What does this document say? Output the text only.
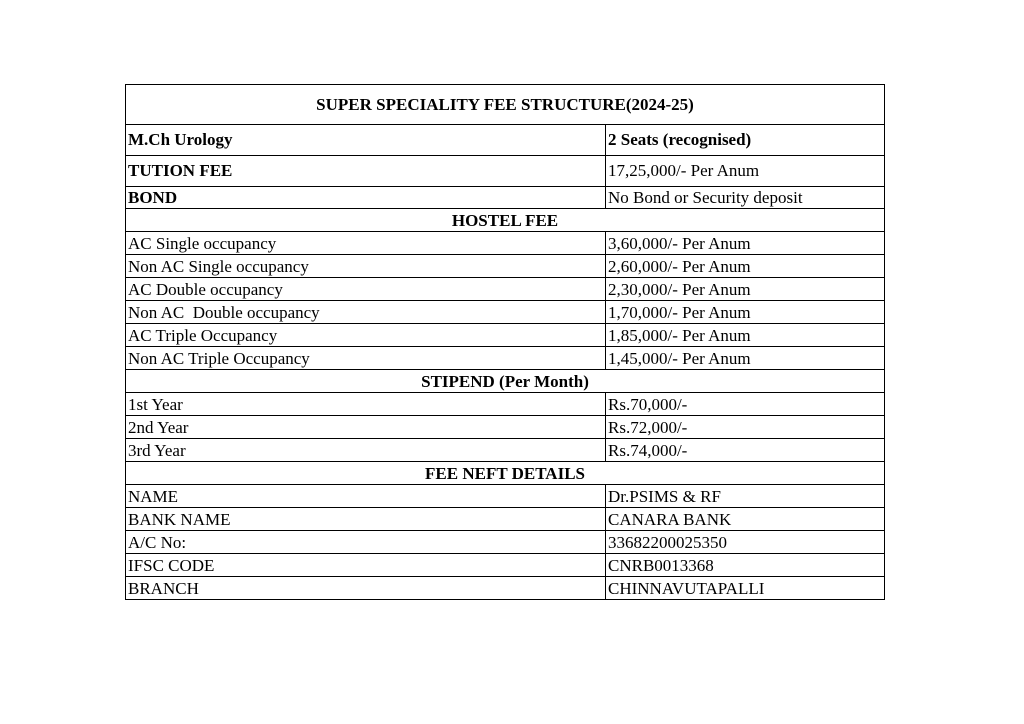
SUPER SPECIALITY FEE STRUCTURE(2024-25)	
M.Ch Urology	2 Seats (recognised)
TUTION FEE	17,25,000/- Per Anum
BOND	No Bond or Security deposit
HOSTEL FEE	
AC Single occupancy	3,60,000/- Per Anum
Non AC Single occupancy	2,60,000/- Per Anum
AC Double occupancy	2,30,000/- Per Anum
Non AC  Double occupancy	1,70,000/- Per Anum
AC Triple Occupancy	1,85,000/- Per Anum
Non AC Triple Occupancy	1,45,000/- Per Anum
STIPEND (Per Month)	
1st Year	Rs.70,000/-
2nd Year	Rs.72,000/-
3rd Year	Rs.74,000/-
FEE NEFT DETAILS	
NAME	Dr.PSIMS & RF
BANK NAME	CANARA BANK
A/C No:	33682200025350
IFSC CODE	CNRB0013368
BRANCH	CHINNAVUTAPALLI
